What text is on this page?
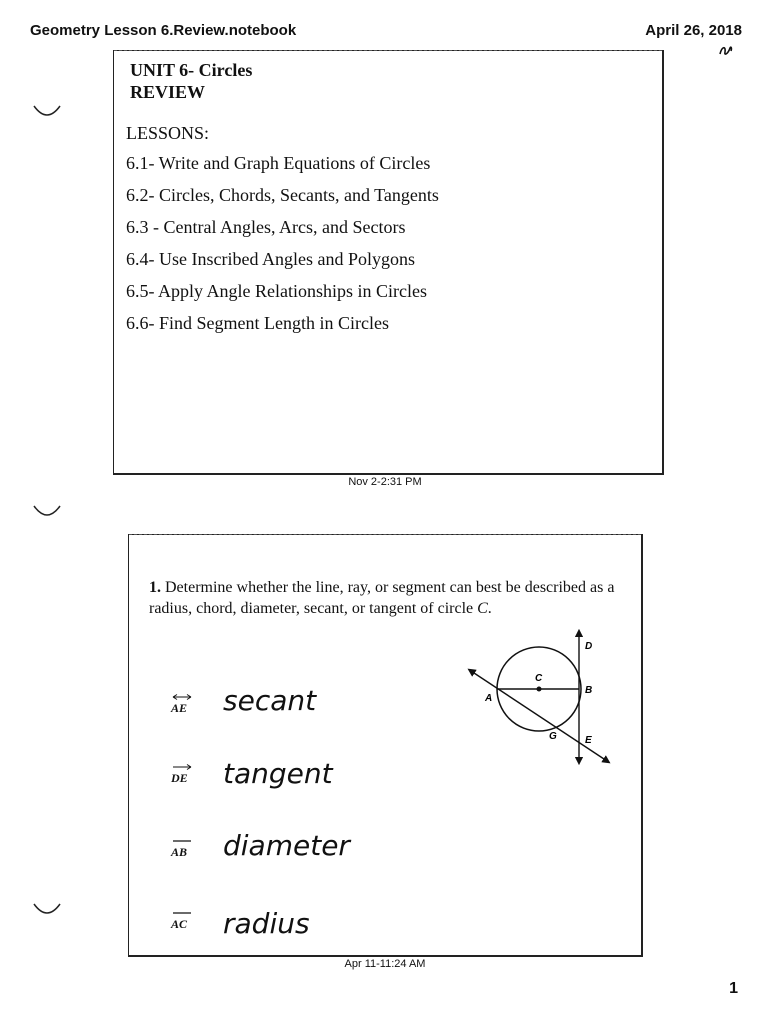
Geometry Lesson 6.Review.notebook	April 26, 2018
UNIT 6- Circles
REVIEW
LESSONS:
6.1- Write and Graph Equations of Circles
6.2- Circles, Chords, Secants, and Tangents
6.3 - Central Angles, Arcs, and Sectors
6.4- Use Inscribed Angles and Polygons
6.5- Apply Angle Relationships in Circles
6.6- Find Segment Length in Circles
Nov 2-2:31 PM
1. Determine whether the line, ray, or segment can best be described as a radius, chord, diameter, secant, or tangent of circle C.
A
B
C
D
E
G
AE secant
DE tangent
AB diameter
AC radius
Apr 11-11:24 AM
1
